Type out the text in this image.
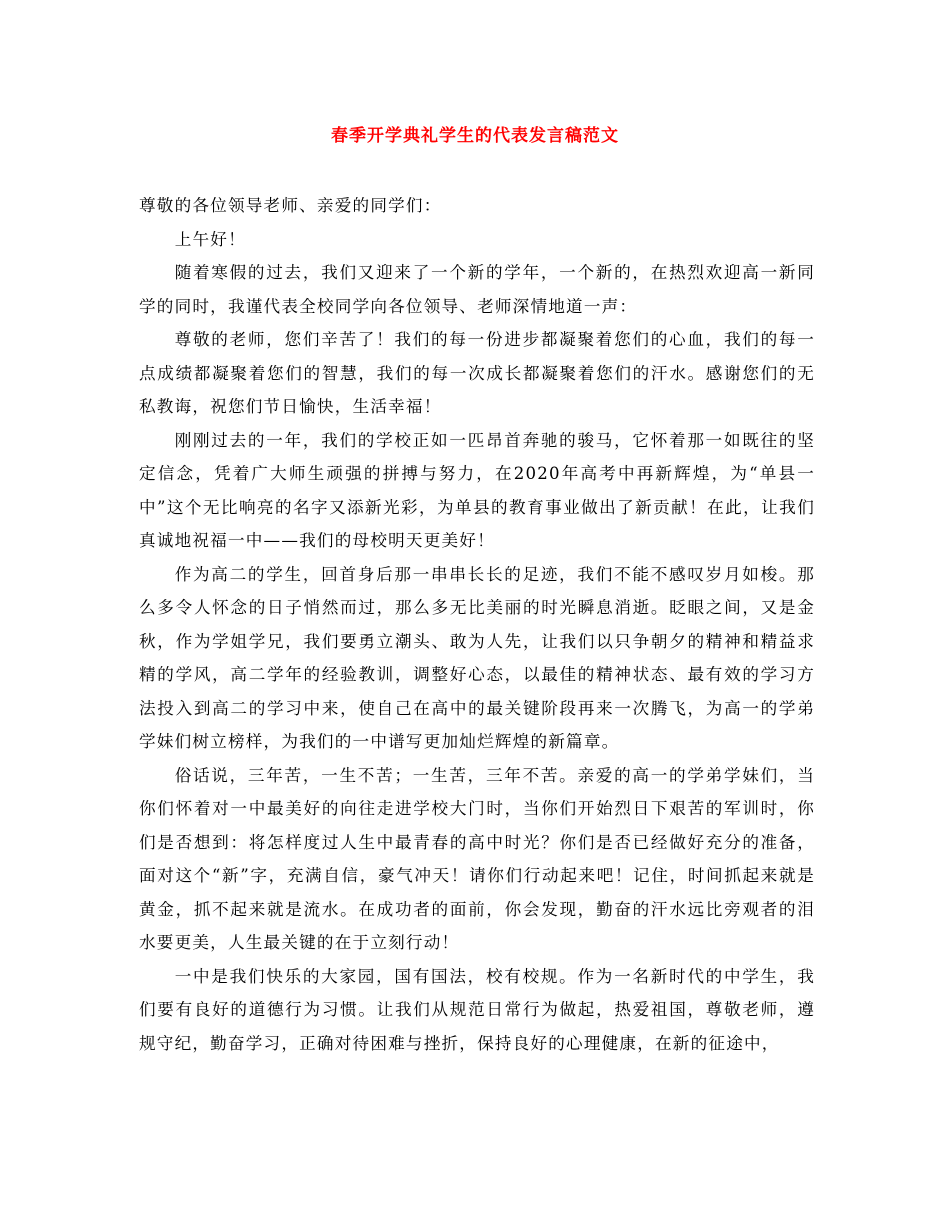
春季开学典礼学生的代表发言稿范文

尊敬的各位领导老师、亲爱的同学们：

上午好！

随着寒假的过去，我们又迎来了一个新的学年，一个新的，在热烈欢迎高一新同学的同时，我谨代表全校同学向各位领导、老师深情地道一声：

尊敬的老师，您们辛苦了！我们的每一份进步都凝聚着您们的心血，我们的每一点成绩都凝聚着您们的智慧，我们的每一次成长都凝聚着您们的汗水。感谢您们的无私教诲，祝您们节日愉快，生活幸福！

刚刚过去的一年，我们的学校正如一匹昂首奔驰的骏马，它怀着那一如既往的坚定信念，凭着广大师生顽强的拼搏与努力，在2020年高考中再新辉煌，为“单县一中”这个无比响亮的名字又添新光彩，为单县的教育事业做出了新贡献！在此，让我们真诚地祝福一中——我们的母校明天更美好！

作为高二的学生，回首身后那一串串长长的足迹，我们不能不感叹岁月如梭。那么多令人怀念的日子悄然而过，那么多无比美丽的时光瞬息消逝。眨眼之间，又是金秋，作为学姐学兄，我们要勇立潮头、敢为人先，让我们以只争朝夕的精神和精益求精的学风，高二学年的经验教训，调整好心态，以最佳的精神状态、最有效的学习方法投入到高二的学习中来，使自己在高中的最关键阶段再来一次腾飞，为高一的学弟学妹们树立榜样，为我们的一中谱写更加灿烂辉煌的新篇章。

俗话说，三年苦，一生不苦；一生苦，三年不苦。亲爱的高一的学弟学妹们，当你们怀着对一中最美好的向往走进学校大门时，当你们开始烈日下艰苦的军训时，你们是否想到：将怎样度过人生中最青春的高中时光？你们是否已经做好充分的准备，面对这个“新”字，充满自信，豪气冲天！请你们行动起来吧！记住，时间抓起来就是黄金，抓不起来就是流水。在成功者的面前，你会发现，勤奋的汗水远比旁观者的泪水要更美，人生最关键的在于立刻行动！

一中是我们快乐的大家园，国有国法，校有校规。作为一名新时代的中学生，我们要有良好的道德行为习惯。让我们从规范日常行为做起，热爱祖国，尊敬老师，遵规守纪，勤奋学习，正确对待困难与挫折，保持良好的心理健康，在新的征途中，
